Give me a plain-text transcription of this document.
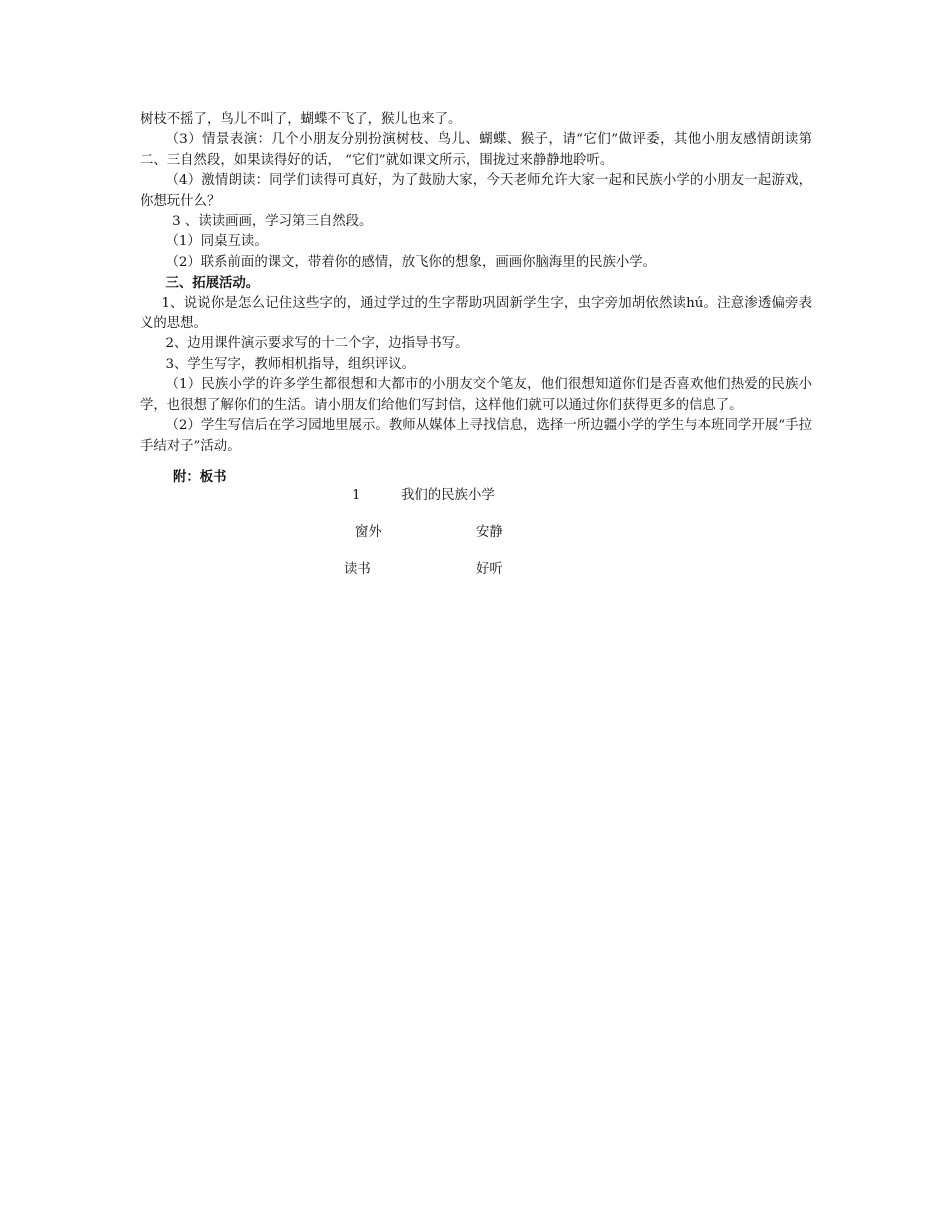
树枝不摇了，鸟儿不叫了，蝴蝶不飞了，猴儿也来了。

（3）情景表演：几个小朋友分别扮演树枝、鸟儿、蝴蝶、猴子，请“它们”做评委，其他小朋友感情朗读第二、三自然段，如果读得好的话， “它们”就如课文所示，围拢过来静静地聆听。

（4）激情朗读：同学们读得可真好，为了鼓励大家，今天老师允许大家一起和民族小学的小朋友一起游戏，你想玩什么？

3 、读读画画，学习第三自然段。

（1）同桌互读。

（2）联系前面的课文，带着你的感情，放飞你的想象，画画你脑海里的民族小学。

三、拓展活动。

1、说说你是怎么记住这些字的，通过学过的生字帮助巩固新学生字，虫字旁加胡依然读hú。注意渗透偏旁表义的思想。

2、边用课件演示要求写的十二个字，边指导书写。

3、学生写字，教师相机指导，组织评议。

（1）民族小学的许多学生都很想和大都市的小朋友交个笔友，他们很想知道你们是否喜欢他们热爱的民族小学，也很想了解你们的生活。请小朋友们给他们写封信，这样他们就可以通过你们获得更多的信息了。

（2）学生写信后在学习园地里展示。教师从媒体上寻找信息，选择一所边疆小学的学生与本班同学开展“手拉手结对子”活动。

附：板书
1	我们的民族小学
窗外	安静
读书	好听
